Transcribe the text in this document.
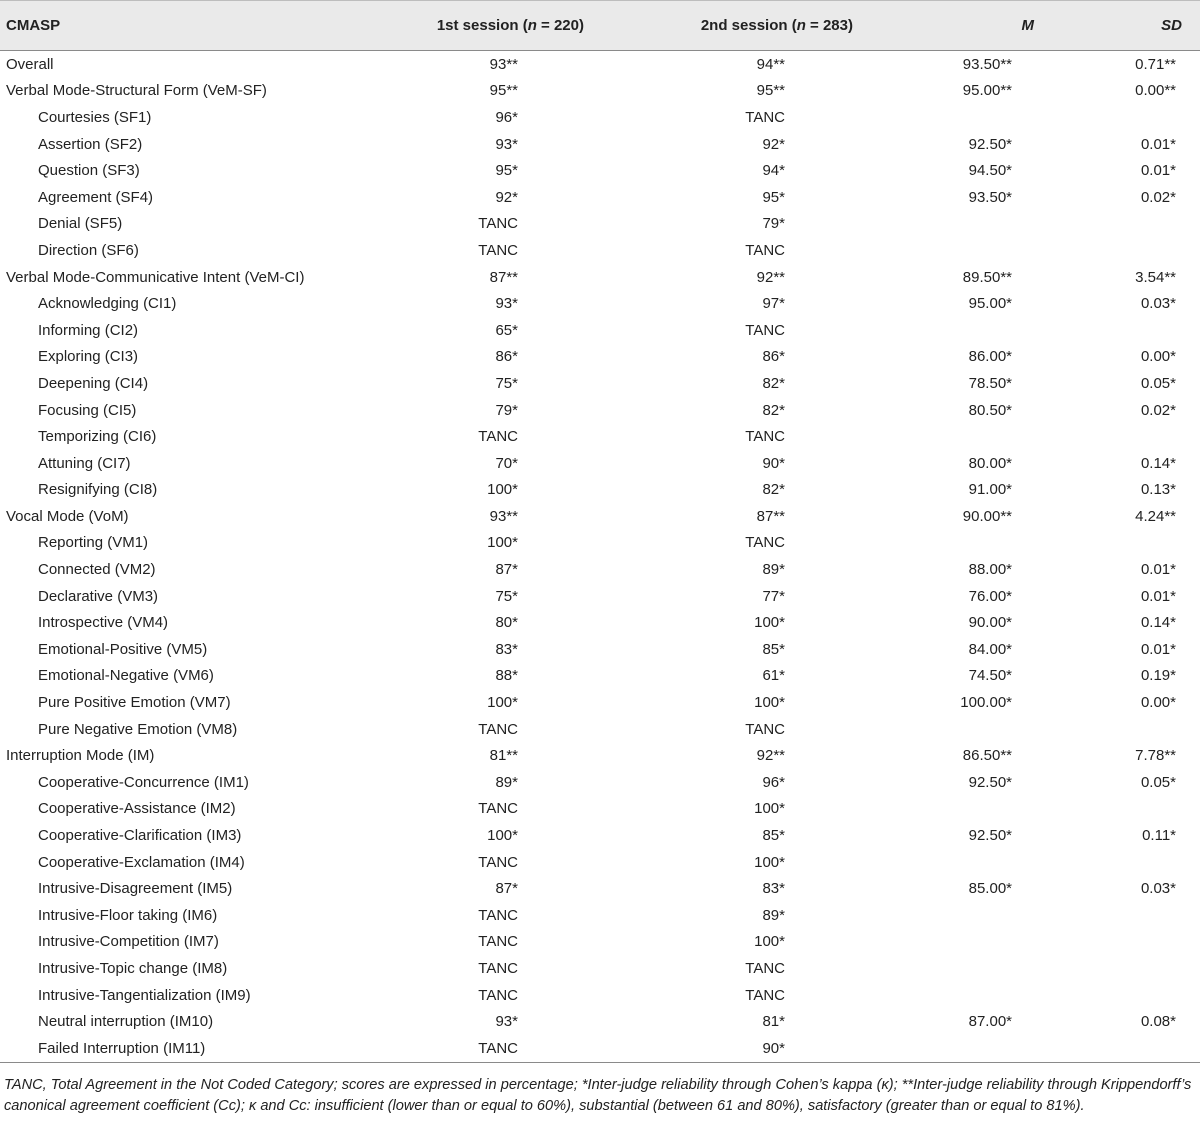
CMASP	1st session (n = 220)	2nd session (n = 283)	M	SD
Overall	93**	94**	93.50**	0.71**
Verbal Mode-Structural Form (VeM-SF)	95**	95**	95.00**	0.00**
Courtesies (SF1)	96*	TANC		
Assertion (SF2)	93*	92*	92.50*	0.01*
Question (SF3)	95*	94*	94.50*	0.01*
Agreement (SF4)	92*	95*	93.50*	0.02*
Denial (SF5)	TANC	79*		
Direction (SF6)	TANC	TANC		
Verbal Mode-Communicative Intent (VeM-CI)	87**	92**	89.50**	3.54**
Acknowledging (CI1)	93*	97*	95.00*	0.03*
Informing (CI2)	65*	TANC		
Exploring (CI3)	86*	86*	86.00*	0.00*
Deepening (CI4)	75*	82*	78.50*	0.05*
Focusing (CI5)	79*	82*	80.50*	0.02*
Temporizing (CI6)	TANC	TANC		
Attuning (CI7)	70*	90*	80.00*	0.14*
Resignifying (CI8)	100*	82*	91.00*	0.13*
Vocal Mode (VoM)	93**	87**	90.00**	4.24**
Reporting (VM1)	100*	TANC		
Connected (VM2)	87*	89*	88.00*	0.01*
Declarative (VM3)	75*	77*	76.00*	0.01*
Introspective (VM4)	80*	100*	90.00*	0.14*
Emotional-Positive (VM5)	83*	85*	84.00*	0.01*
Emotional-Negative (VM6)	88*	61*	74.50*	0.19*
Pure Positive Emotion (VM7)	100*	100*	100.00*	0.00*
Pure Negative Emotion (VM8)	TANC	TANC		
Interruption Mode (IM)	81**	92**	86.50**	7.78**
Cooperative-Concurrence (IM1)	89*	96*	92.50*	0.05*
Cooperative-Assistance (IM2)	TANC	100*		
Cooperative-Clarification (IM3)	100*	85*	92.50*	0.11*
Cooperative-Exclamation (IM4)	TANC	100*		
Intrusive-Disagreement (IM5)	87*	83*	85.00*	0.03*
Intrusive-Floor taking (IM6)	TANC	89*		
Intrusive-Competition (IM7)	TANC	100*		
Intrusive-Topic change (IM8)	TANC	TANC		
Intrusive-Tangentialization (IM9)	TANC	TANC		
Neutral interruption (IM10)	93*	81*	87.00*	0.08*
Failed Interruption (IM11)	TANC	90*		
TANC, Total Agreement in the Not Coded Category; scores are expressed in percentage; *Inter-judge reliability through Cohen’s kappa (κ); **Inter-judge reliability through Krippendorff’s canonical agreement coefficient (Cc); κ and Cc: insufficient (lower than or equal to 60%), substantial (between 61 and 80%), satisfactory (greater than or equal to 81%).
